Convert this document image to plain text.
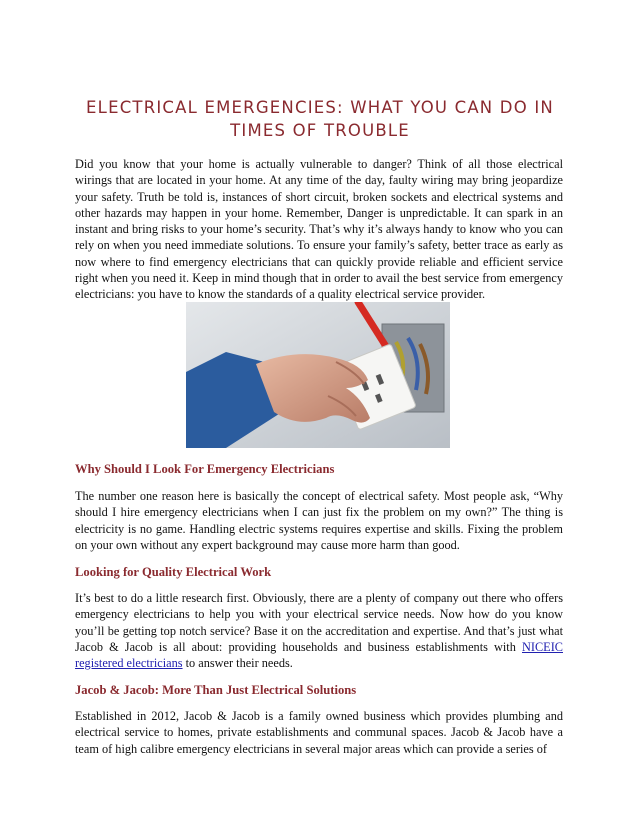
ELECTRICAL EMERGENCIES: WHAT YOU CAN DO IN TIMES OF TROUBLE

Did you know that your home is actually vulnerable to danger? Think of all those electrical wirings that are located in your home. At any time of the day, faulty wiring may bring jeopardize your safety. Truth be told is, instances of short circuit, broken sockets and electrical systems and other hazards may happen in your home. Remember, Danger is unpredictable. It can spark in an instant and bring risks to your home’s security. That’s why it’s always handy to know who you can rely on when you need immediate solutions. To ensure your family’s safety, better trace as early as now where to find emergency electricians that can quickly provide reliable and efficient service right when you need it. Keep in mind though that in order to avail the best service from emergency electricians: you have to know the standards of a quality electrical service provider.

Why Should I Look For Emergency Electricians

The number one reason here is basically the concept of electrical safety. Most people ask, “Why should I hire emergency electricians when I can just fix the problem on my own?” The thing is electricity is no game. Handling electric systems requires expertise and skills. Fixing the problem on your own without any expert background may cause more harm than good.

Looking for Quality Electrical Work

It’s best to do a little research first. Obviously, there are a plenty of company out there who offers emergency electricians to help you with your electrical service needs. Now how do you know you’ll be getting top notch service? Base it on the accreditation and expertise. And that’s just what Jacob & Jacob is all about: providing households and business establishments with NICEIC registered electricians to answer their needs.

Jacob & Jacob: More Than Just Electrical Solutions

Established in 2012, Jacob & Jacob is a family owned business which provides plumbing and electrical service to homes, private establishments and communal spaces. Jacob & Jacob have a team of high calibre emergency electricians in several major areas which can provide a series of
